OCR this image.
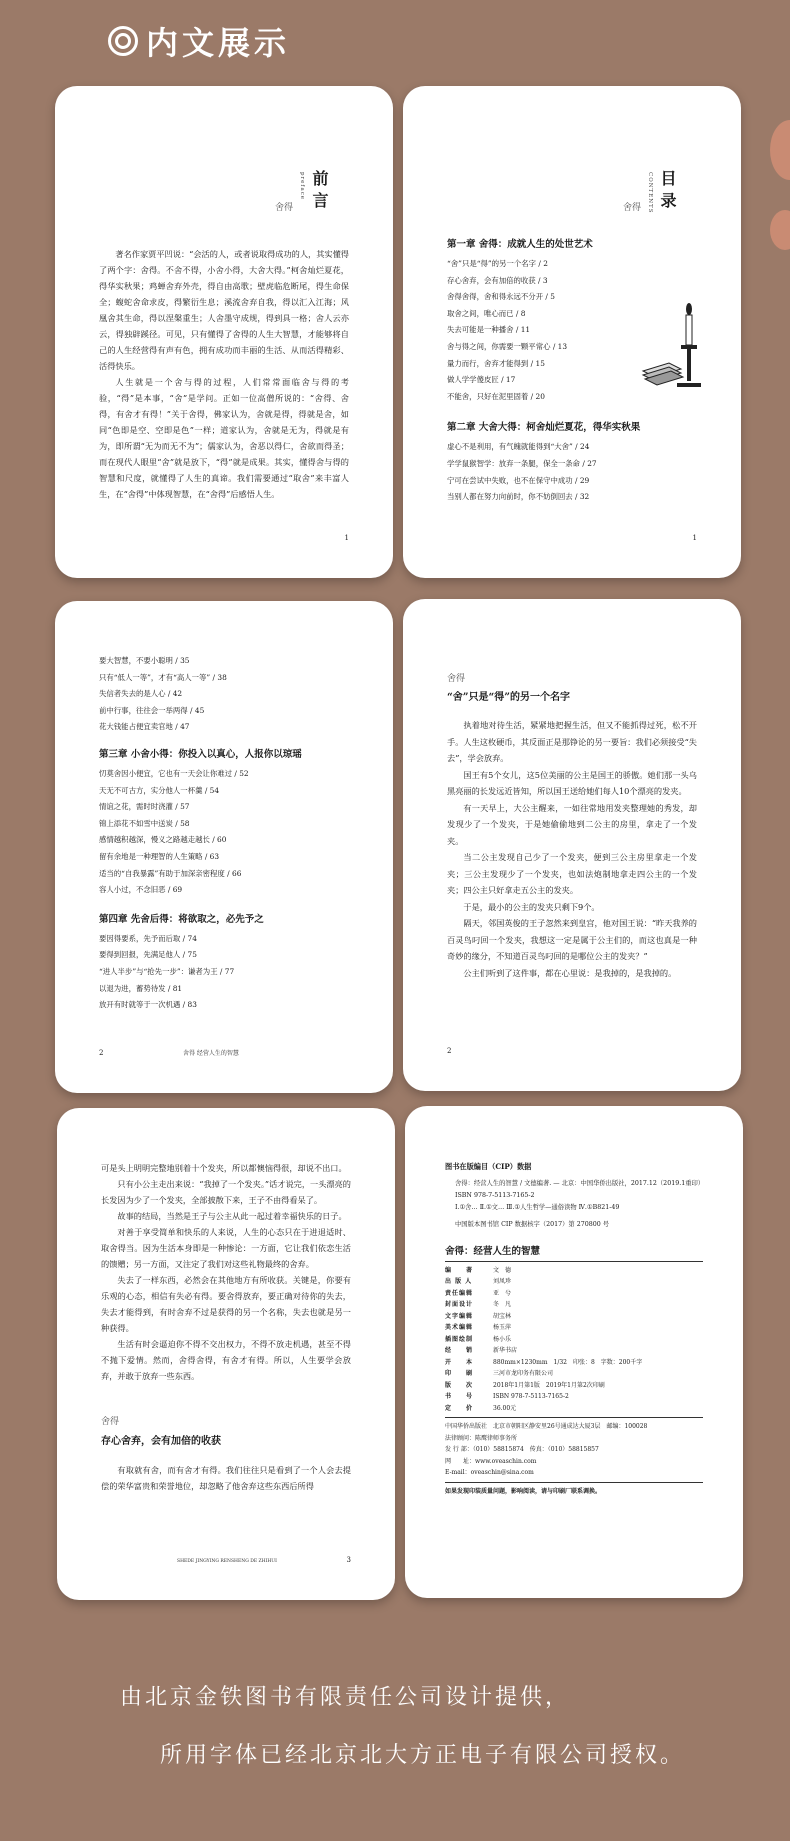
内文展示
前言
preface
舍得

著名作家贾平凹说：“会活的人，或者说取得成功的人，其实懂得了两个字：舍得。不舍不得，小舍小得，大舍大得。”柯舍灿烂夏花，得华实秋果；鸡蝉舍弃外壳，得自由高歌；壁虎临危断尾，得生命保全；蝮蛇舍命求皮，得繁衍生息；溪流舍弃自我，得以汇入江海；风凰舍其生命，得以涅槃重生；人舍墨守成规，得到具一格；舍人云亦云，得独辟蹊径。可见，只有懂得了舍得的人生大智慧，才能够将自己的人生经营得有声有色，拥有成功而丰丽的生活、从而活得精彩、活得快乐。

人生就是一个舍与得的过程，人们常常面临舍与得的考验，“得”是本事，“舍”是学问。正如一位高僧所说的：“舍得、舍得，有舍才有得！”关于舍得，佛家认为，舍就是得，得就是舍，如同“色即是空、空即是色”一样；道家认为，舍就是无为，得就是有为，即所谓“无为而无不为”；儒家认为，舍恶以得仁，舍欲而得圣；而在现代人眼里“舍”就是放下，“得”就是成果。其实，懂得舍与得的智慧和尺度，就懂得了人生的真谛。我们需要通过“取舍”来丰富人生，在“舍得”中体现智慧，在“舍得”后感悟人生。

1
目录
CONTENTS
舍得
第一章 舍得：成就人生的处世艺术
“舍”只是“得”的另一个名字 / 2
存心舍弃，会有加倍的收获 / 3
舍得舍得，舍和得永远不分开 / 5
取舍之间，唯心而已 / 8
失去可能是一种播舍 / 11
舍与得之间，你需要一颗平常心 / 13
量力而行，舍弃才能得到 / 15
做人学学傻皮匠 / 17
不能舍，只好在泥里固着 / 20
第二章 大舍大得：柯舍灿烂夏花，得华实秋果
虚心不是利用，有气魄就能得到“大舍” / 24
学学鼠猴智学：放弃一条腿，保全一条命 / 27
宁可在尝试中失败，也不在保守中成功 / 29
当别人都在努力向前时，你不妨倒回去 / 32
1
要大智慧，不要小聪明 / 35
只有“低人一等”，才有“高人一等” / 38
失信者失去的是人心 / 42
前中行事，往往会一举两得 / 45
花大钱能占便宜卖官地 / 47
第三章 小舍小得：你投入以真心，人报你以琼瑶
忉莫舍因小便宜，它也有一天会让你难过 / 52
天无不可古方，实分他人一杯羹 / 54
情谊之花，需时时浇灌 / 57
锦上添花不如雪中送炭 / 58
感情越积越深，慢义之路越走越长 / 60
留有余地是一种理智的人生策略 / 63
适当的“自我暴露”有助于加深亲密程度 / 66
容人小过，不念旧恶 / 69
第四章 先舍后得：将欲取之，必先予之
要因得要系，先予而后取 / 74
要得到回报，先满足他人 / 75
“进人半步”与“抢先一步”：谦者为王 / 77
以退为进，蓄势待发 / 81
放开有时就等于一次机遇 / 83
2	舍得 经营人生的智慧
舍得
“舍”只是“得”的另一个名字

执着地对待生活，紧紧地把握生活，但又不能抓得过死，松不开手。人生这枚硬币，其反面正是那铮论的另一要旨：我们必须接受“失去”，学会放弃。

国王有5个女儿，这5位美丽的公主是国王的骄傲。她们那一头乌黑亮丽的长发远近皆知，所以国王送给她们每人10个漂亮的发夹。

有一天早上，大公主醒来，一如往常地用发夹整理她的秀发，却发现少了一个发夹，于是她偷偷地到二公主的房里，拿走了一个发夹。

当二公主发现自己少了一个发夹，便到三公主房里拿走一个发夹；三公主发现少了一个发夹，也如法炮制地拿走四公主的一个发夹；四公主只好拿走五公主的发夹。

于是，最小的公主的发夹只剩下9个。

隔天，邻国英俊的王子忽然来到皇宫，他对国王说：“昨天我养的百灵鸟叼回一个发夹，我想这一定是属于公主们的，而这也真是一种奇妙的缘分，不知道百灵鸟叼回的是哪位公主的发夹？”

公主们听到了这件事，都在心里说：是我掉的，是我掉的。

2

可是头上明明完整地别着十个发夹，所以都懊恼得很，却说不出口。

只有小公主走出来说：“我掉了一个发夹。”话才说完，一头漂亮的长发因为少了一个发夹，全部披散下来，王子不由得看呆了。

故事的结局，当然是王子与公主从此一起过着幸福快乐的日子。

对善于享受简单和快乐的人来说，人生的心态只在于进退适时、取舍得当。因为生活本身即是一种惨论：一方面，它让我们依恋生活的馈赠；另一方面，又注定了我们对这些礼物最终的舍弃。

失去了一样东西，必然会在其他地方有所收获。关键是，你要有乐观的心态，相信有失必有得。要舍得放弃，要正确对待你的失去，失去才能得到，有时舍弃不过是获得的另一个名称，失去也就是另一种获得。

生活有时会逼迫你不得不交出权力，不得不放走机遇，甚至不得不抛下爱情。然而，舍得舍得，有舍才有得。所以，人生要学会放弃，并敢于放弃一些东西。

舍得
存心舍弃，会有加倍的收获

有取就有舍，而有舍才有得。我们往往只是看到了一个人会去提偿的荣华富贵和荣誉地位，却忽略了他舍弃这些东西后所得

SHEDE JINGYING RENSHENG DE ZHIHUI	3
图书在版编目（CIP）数据
舍得：经营人生的智慧 / 文德编著. — 北京：中国华侨出版社，2017.12（2019.1重印）
ISBN 978-7-5113-7165-2
Ⅰ.①舍… Ⅱ.①文… Ⅲ.①人生哲学—通俗读物 Ⅳ.①B821-49
中国版本图书馆 CIP 数据核字（2017）第 270800 号
舍得：经营人生的智慧
编　　著	文　德
出 版 人	刘凤珍
责任编辑	亚　兮
封面设计	冬　凡
文字编辑	胡宝林
美术编辑	杨玉萍
插图绘制	杨小乐
经　　销	新华书店
开　　本	880mm×1230mm　1/32　印张：8　字数：200千字
印　　刷	三河市龙印务有限公司
版　　次	2018年1月第1版　2019年1月第2次印刷
书　　号	ISBN 978-7-5113-7165-2
定　　价	36.00元
中国华侨出版社　北京市朝阳区静安里26号通成达大厦3层　邮编：100028
法律顾问：陈鹰律师事务所
发 行 部：（010）58815874　传真：（010）58815857
网　　址：www.oveaschin.com
E-mail：oveaschin@sina.com
如果发现印装质量问题，影响阅读，请与印刷厂联系调换。
由北京金铁图书有限责任公司设计提供，
所用字体已经北京北大方正电子有限公司授权。
